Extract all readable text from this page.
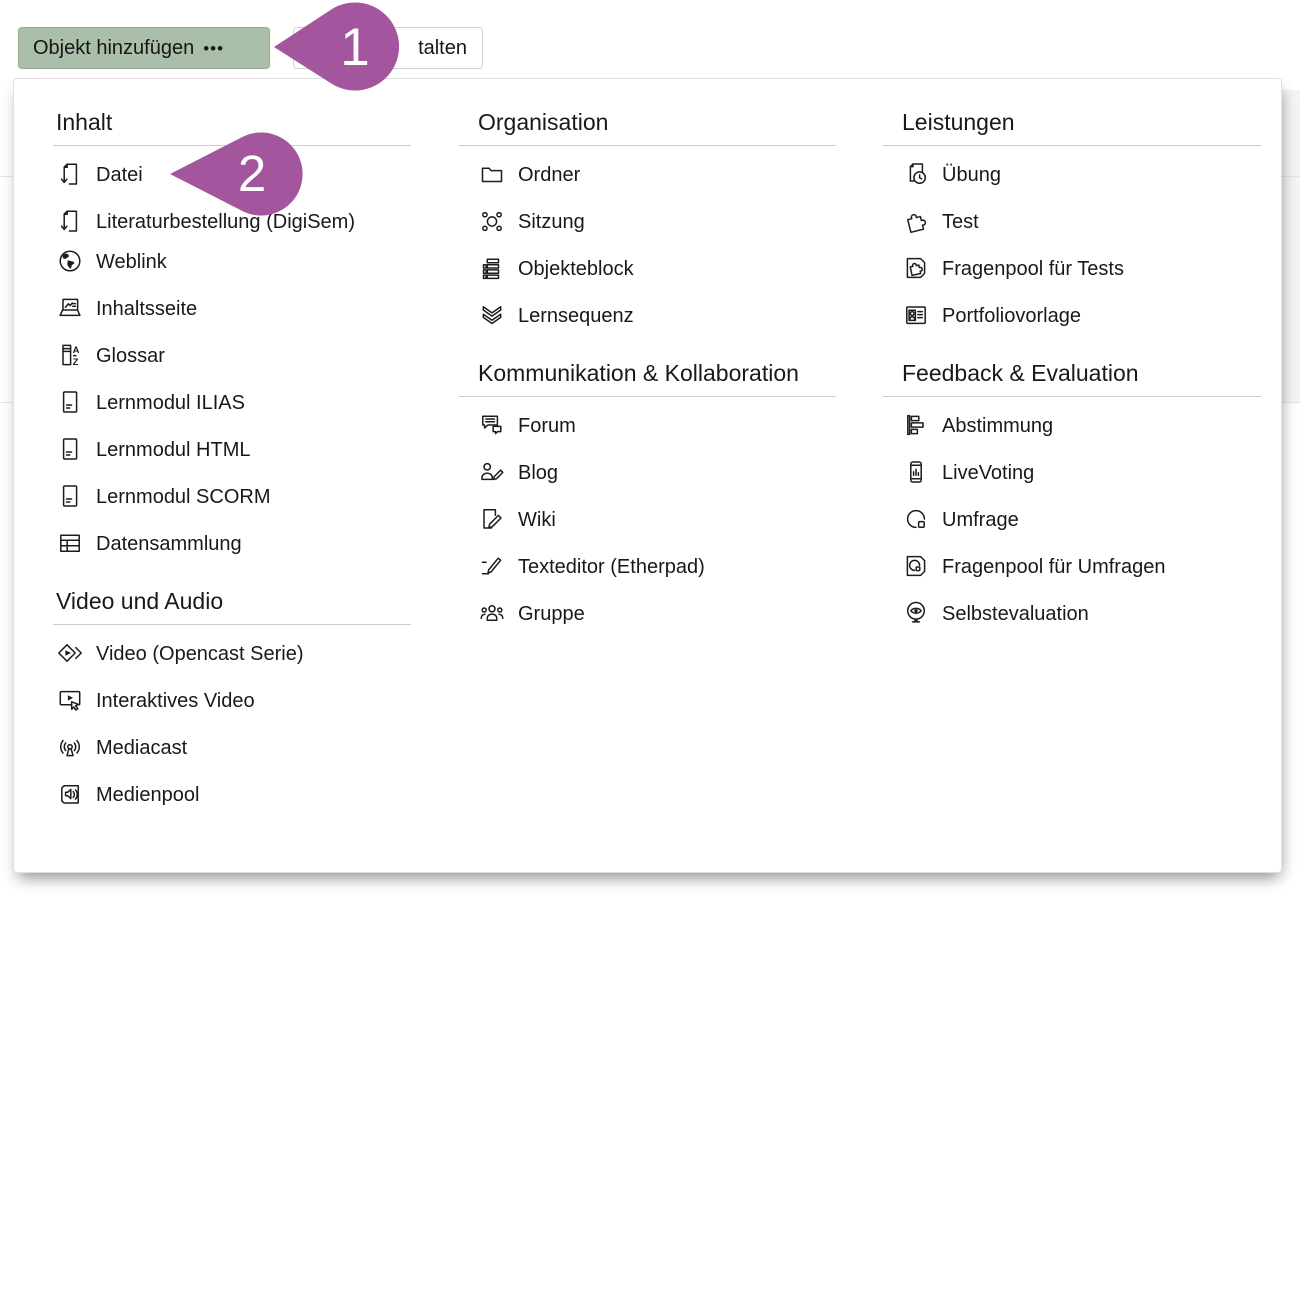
Objekt hinzufügen •••	talten
Inhalt
Datei
Literaturbestellung (DigiSem)
Weblink
Inhaltsseite
A
Z Glossar
Lernmodul ILIAS
Lernmodul HTML
Lernmodul SCORM
Datensammlung
Video und Audio
Video (Opencast Serie)
Interaktives Video
Mediacast
Medienpool
Organisation
Ordner
Sitzung
Objekteblock
Lernsequenz
Kommunikation & Kollaboration
Forum
Blog
Wiki
Texteditor (Etherpad)
Gruppe
Leistungen
Übung
Test
Fragenpool für Tests
Portfoliovorlage
Feedback & Evaluation
Abstimmung
LiveVoting
Umfrage
Fragenpool für Umfragen
Selbstevaluation
1
2
